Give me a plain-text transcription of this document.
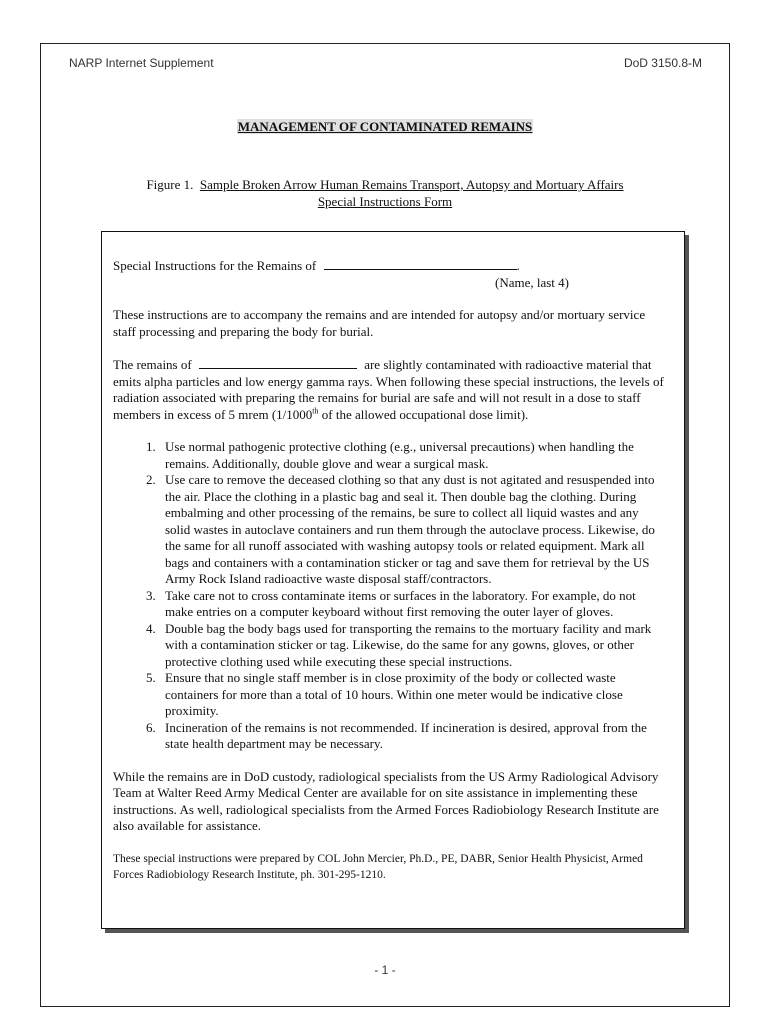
NARP Internet Supplement	DoD 3150.8-M
MANAGEMENT OF CONTAMINATED REMAINS
Figure 1. Sample Broken Arrow Human Remains Transport, Autopsy and Mortuary Affairs
Special Instructions Form

Special Instructions for the Remains of	.

(Name, last 4)

These instructions are to accompany the remains and are intended for autopsy and/or mortuary service staff processing and preparing the body for burial.

The remains of	are slightly contaminated with radioactive material that emits alpha particles and low energy gamma rays. When following these special instructions, the levels of radiation associated with preparing the remains for burial are safe and will not result in a dose to staff members in excess of 5 mrem (1/1000th of the allowed occupational dose limit).

1. Use normal pathogenic protective clothing (e.g., universal precautions) when handling the remains. Additionally, double glove and wear a surgical mask.
2. Use care to remove the deceased clothing so that any dust is not agitated and resuspended into the air. Place the clothing in a plastic bag and seal it. Then double bag the clothing. During embalming and other processing of the remains, be sure to collect all liquid wastes and any solid wastes in autoclave containers and run them through the autoclave process. Likewise, do the same for all runoff associated with washing autopsy tools or related equipment. Mark all bags and containers with a contamination sticker or tag and save them for retrieval by the US Army Rock Island radioactive waste disposal staff/contractors.
3. Take care not to cross contaminate items or surfaces in the laboratory. For example, do not make entries on a computer keyboard without first removing the outer layer of gloves.
4. Double bag the body bags used for transporting the remains to the mortuary facility and mark with a contamination sticker or tag. Likewise, do the same for any gowns, gloves, or other protective clothing used while executing these special instructions.
5. Ensure that no single staff member is in close proximity of the body or collected waste containers for more than a total of 10 hours. Within one meter would be indicative close proximity.
6. Incineration of the remains is not recommended. If incineration is desired, approval from the state health department may be necessary.

While the remains are in DoD custody, radiological specialists from the US Army Radiological Advisory Team at Walter Reed Army Medical Center are available for on site assistance in implementing these instructions. As well, radiological specialists from the Armed Forces Radiobiology Research Institute are also available for assistance.

These special instructions were prepared by COL John Mercier, Ph.D., PE, DABR, Senior Health Physicist, Armed Forces Radiobiology Research Institute, ph. 301-295-1210.

- 1 -
